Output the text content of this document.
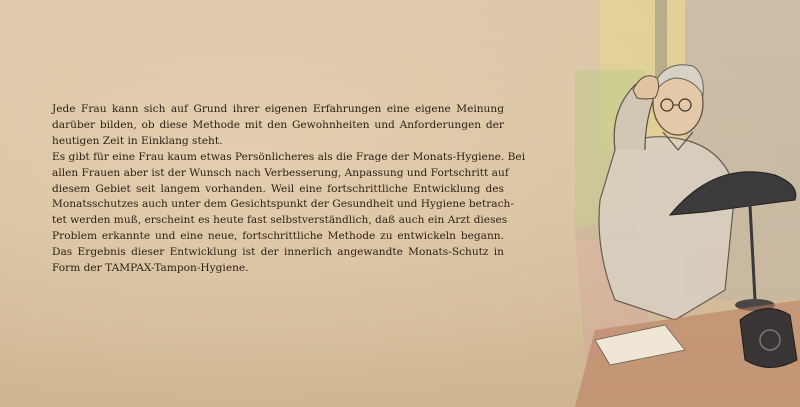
Jede Frau kann sich auf Grund ihrer eigenen Erfahrungen eine eigene Meinung
darüber bilden, ob diese Methode mit den Gewohnheiten und Anforderungen der
heutigen Zeit in Einklang steht.
Es gibt für eine Frau kaum etwas Persönlicheres als die Frage der Monats-Hygiene. Bei
allen Frauen aber ist der Wunsch nach Verbesserung, Anpassung und Fortschritt auf
diesem Gebiet seit langem vorhanden. Weil eine fortschrittliche Entwicklung des
Monatsschutzes auch unter dem Gesichtspunkt der Gesundheit und Hygiene betrach-
tet werden muß, erscheint es heute fast selbstverständlich, daß auch ein Arzt dieses
Problem erkannte und eine neue, fortschrittliche Methode zu entwickeln begann.
Das Ergebnis dieser Entwicklung ist der innerlich angewandte Monats-Schutz in
Form der TAMPAX-Tampon-Hygiene.
